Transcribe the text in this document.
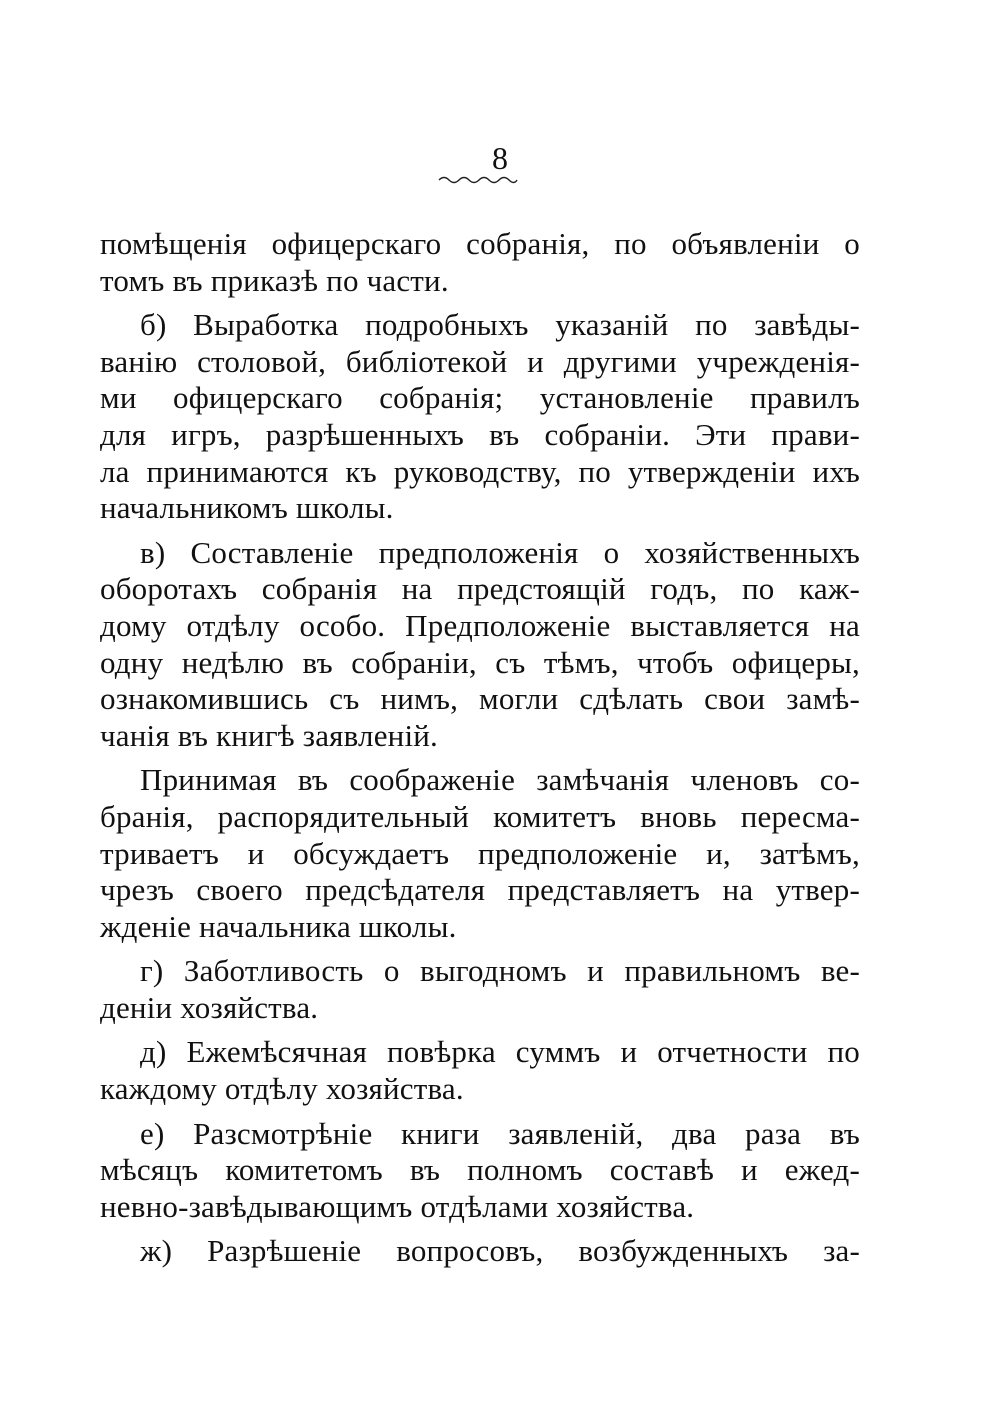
8
помѣщенія офицерскаго собранія, по объявленіи о
томъ въ приказѣ по части.
б) Выработка подробныхъ указаній по завѣды-
ванію столовой, библіотекой и другими учрежденія-
ми офицерскаго собранія; установленіе правилъ
для игръ, разрѣшенныхъ въ собраніи. Эти прави-
ла принимаются къ руководству, по утвержденіи ихъ
начальникомъ школы.
в) Составленіе предположенія о хозяйственныхъ
оборотахъ собранія на предстоящій годъ, по каж-
дому отдѣлу особо. Предположеніе выставляется на
одну недѣлю въ собраніи, съ тѣмъ, чтобъ офицеры,
ознакомившись съ нимъ, могли сдѣлать свои замѣ-
чанія въ книгѣ заявленій.
Принимая въ соображеніе замѣчанія членовъ со-
бранія, распорядительный комитетъ вновь пересма-
триваетъ и обсуждаетъ предположеніе и, затѣмъ,
чрезъ своего предсѣдателя представляетъ на утвер-
жденіе начальника школы.
г) Заботливость о выгодномъ и правильномъ ве-
деніи хозяйства.
д) Ежемѣсячная повѣрка суммъ и отчетности по
каждому отдѣлу хозяйства.
е) Разсмотрѣніе книги заявленій, два раза въ
мѣсяцъ комитетомъ въ полномъ составѣ и ежед-
невно-завѣдывающимъ отдѣлами хозяйства.
ж) Разрѣшеніе вопросовъ, возбужденныхъ за-
